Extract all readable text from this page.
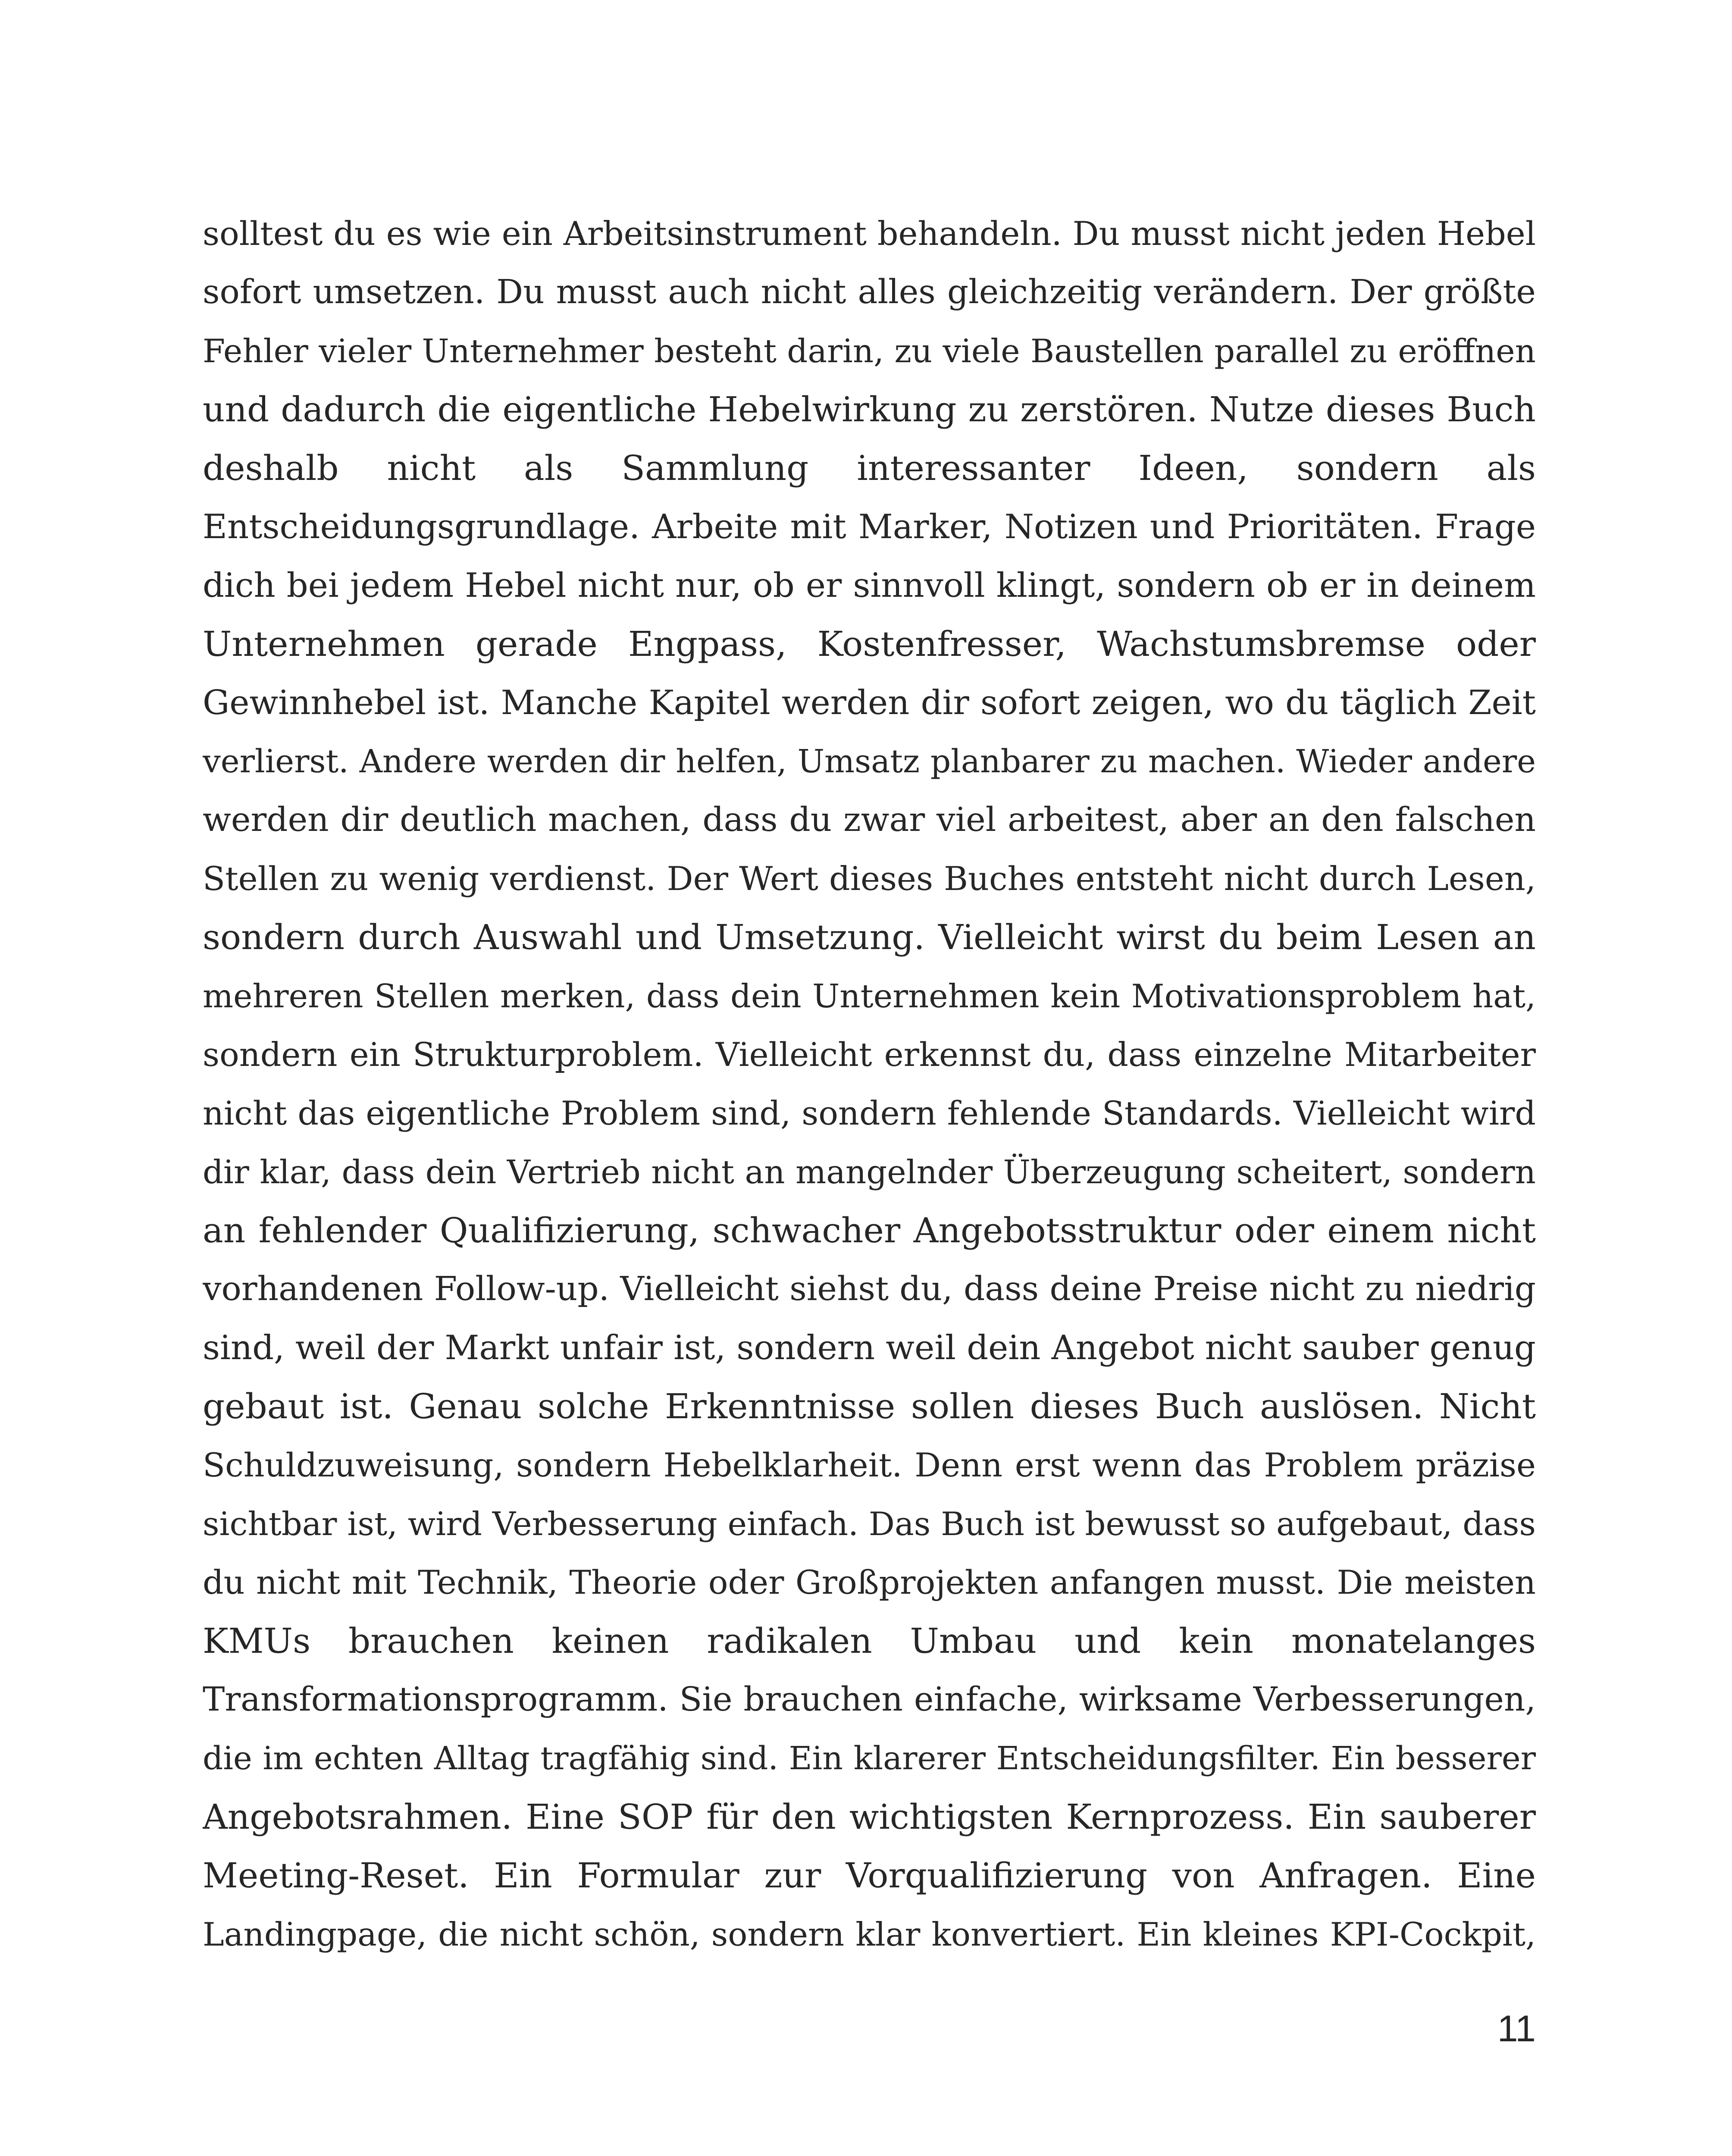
solltest du es wie ein Arbeitsinstrument behandeln. Du musst nicht jeden Hebel
sofort umsetzen. Du musst auch nicht alles gleichzeitig verändern. Der größte
Fehler vieler Unternehmer besteht darin, zu viele Baustellen parallel zu eröffnen
und dadurch die eigentliche Hebelwirkung zu zerstören. Nutze dieses Buch
deshalb nicht als Sammlung interessanter Ideen, sondern als
Entscheidungsgrundlage. Arbeite mit Marker, Notizen und Prioritäten. Frage
dich bei jedem Hebel nicht nur, ob er sinnvoll klingt, sondern ob er in deinem
Unternehmen gerade Engpass, Kostenfresser, Wachstumsbremse oder
Gewinnhebel ist. Manche Kapitel werden dir sofort zeigen, wo du täglich Zeit
verlierst. Andere werden dir helfen, Umsatz planbarer zu machen. Wieder andere
werden dir deutlich machen, dass du zwar viel arbeitest, aber an den falschen
Stellen zu wenig verdienst. Der Wert dieses Buches entsteht nicht durch Lesen,
sondern durch Auswahl und Umsetzung. Vielleicht wirst du beim Lesen an
mehreren Stellen merken, dass dein Unternehmen kein Motivationsproblem hat,
sondern ein Strukturproblem. Vielleicht erkennst du, dass einzelne Mitarbeiter
nicht das eigentliche Problem sind, sondern fehlende Standards. Vielleicht wird
dir klar, dass dein Vertrieb nicht an mangelnder Überzeugung scheitert, sondern
an fehlender Qualifizierung, schwacher Angebotsstruktur oder einem nicht
vorhandenen Follow-up. Vielleicht siehst du, dass deine Preise nicht zu niedrig
sind, weil der Markt unfair ist, sondern weil dein Angebot nicht sauber genug
gebaut ist. Genau solche Erkenntnisse sollen dieses Buch auslösen. Nicht
Schuldzuweisung, sondern Hebelklarheit. Denn erst wenn das Problem präzise
sichtbar ist, wird Verbesserung einfach. Das Buch ist bewusst so aufgebaut, dass
du nicht mit Technik, Theorie oder Großprojekten anfangen musst. Die meisten
KMUs brauchen keinen radikalen Umbau und kein monatelanges
Transformationsprogramm. Sie brauchen einfache, wirksame Verbesserungen,
die im echten Alltag tragfähig sind. Ein klarerer Entscheidungsfilter. Ein besserer
Angebotsrahmen. Eine SOP für den wichtigsten Kernprozess. Ein sauberer
Meeting-Reset. Ein Formular zur Vorqualifizierung von Anfragen. Eine
Landingpage, die nicht schön, sondern klar konvertiert. Ein kleines KPI-Cockpit,
11
